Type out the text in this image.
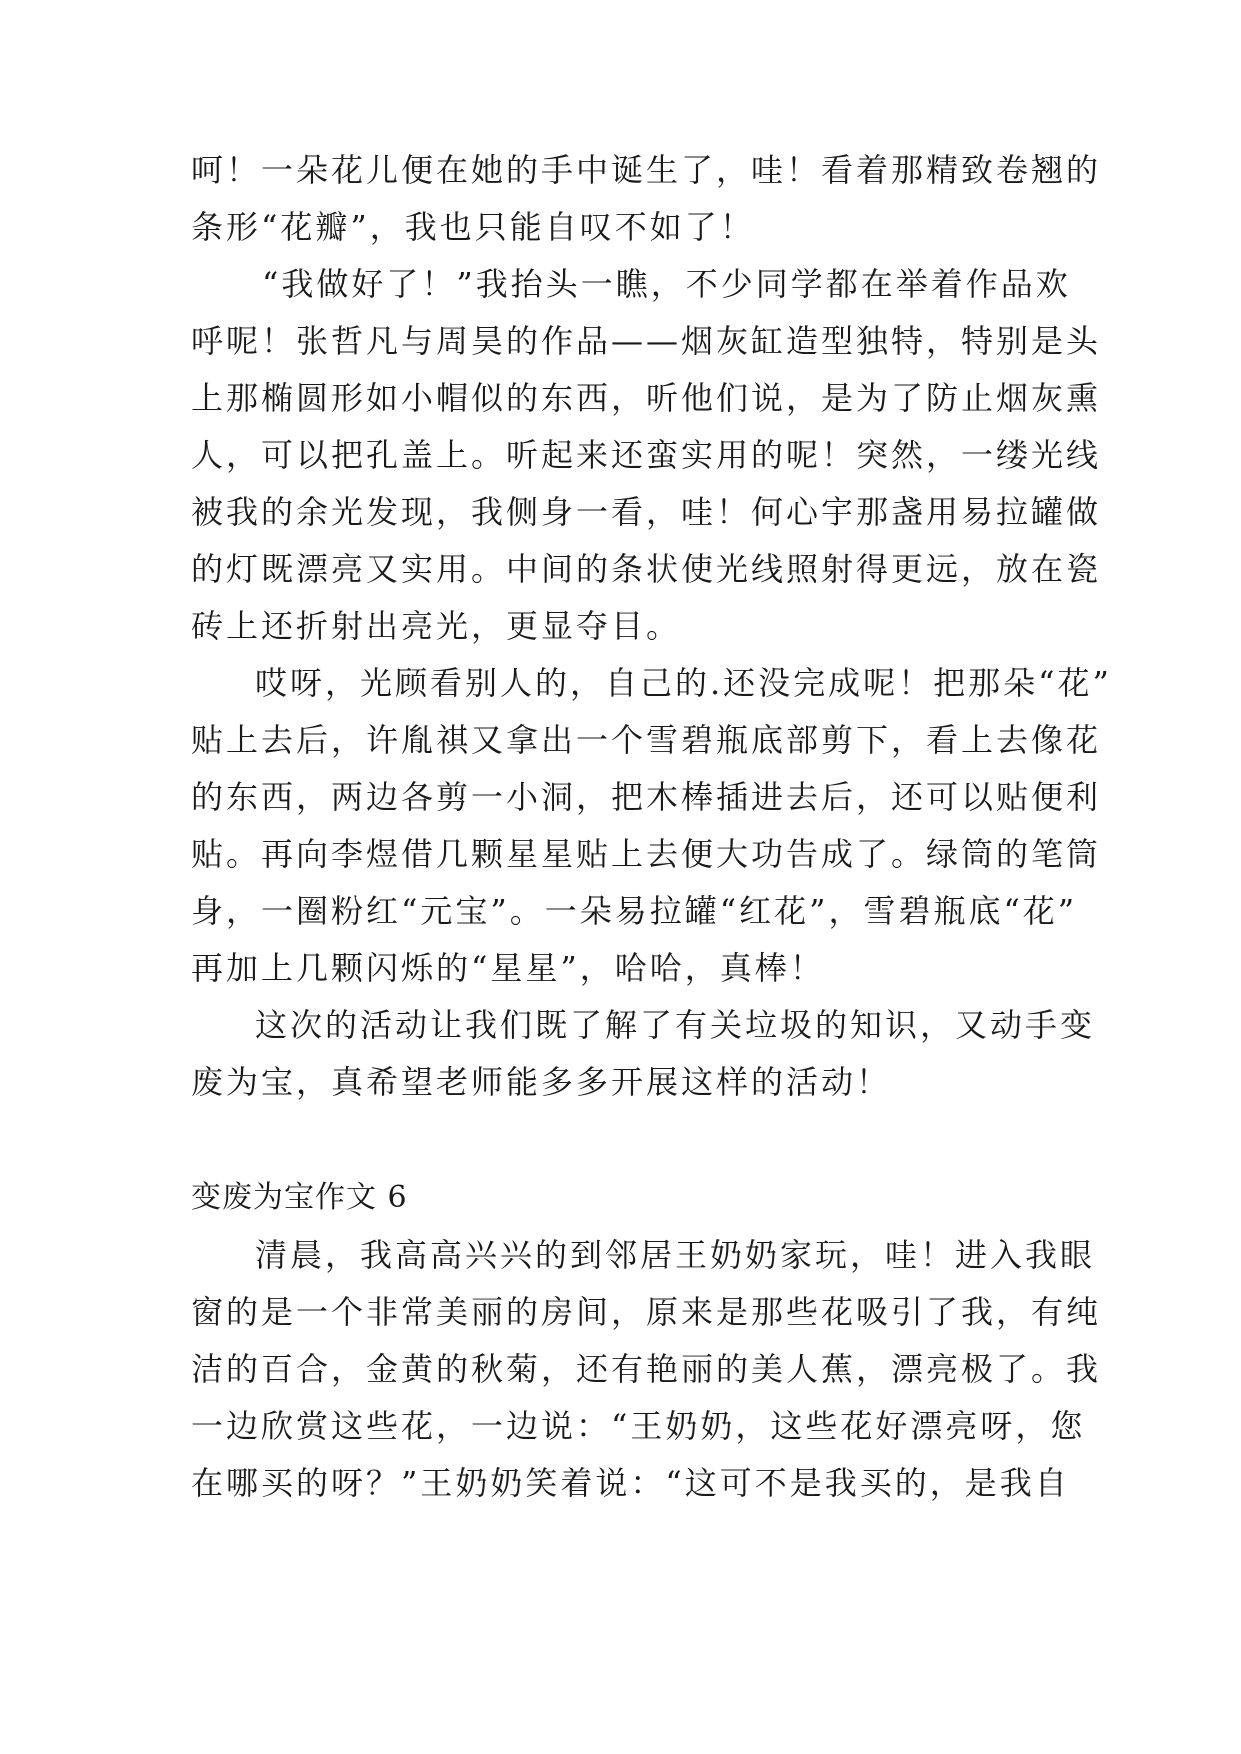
呵！一朵花儿便在她的手中诞生了，哇！看着那精致卷翘的
条形“花瓣”，我也只能自叹不如了！
“我做好了！”我抬头一瞧，不少同学都在举着作品欢
呼呢！张哲凡与周昊的作品——烟灰缸造型独特，特别是头
上那椭圆形如小帽似的东西，听他们说，是为了防止烟灰熏
人，可以把孔盖上。听起来还蛮实用的呢！突然，一缕光线
被我的余光发现，我侧身一看，哇！何心宇那盏用易拉罐做
的灯既漂亮又实用。中间的条状使光线照射得更远，放在瓷
砖上还折射出亮光，更显夺目。
哎呀，光顾看别人的，自己的.还没完成呢！把那朵“花”
贴上去后，许胤祺又拿出一个雪碧瓶底部剪下，看上去像花
的东西，两边各剪一小洞，把木棒插进去后，还可以贴便利
贴。再向李煜借几颗星星贴上去便大功告成了。绿筒的笔筒
身，一圈粉红“元宝”。一朵易拉罐“红花”，雪碧瓶底“花”
再加上几颗闪烁的“星星”，哈哈，真棒！
这次的活动让我们既了解了有关垃圾的知识，又动手变
废为宝，真希望老师能多多开展这样的活动！
变废为宝作文 6
清晨，我高高兴兴的到邻居王奶奶家玩，哇！进入我眼
窗的是一个非常美丽的房间，原来是那些花吸引了我，有纯
洁的百合，金黄的秋菊，还有艳丽的美人蕉，漂亮极了。我
一边欣赏这些花，一边说：“王奶奶，这些花好漂亮呀，您
在哪买的呀？”王奶奶笑着说：“这可不是我买的，是我自
